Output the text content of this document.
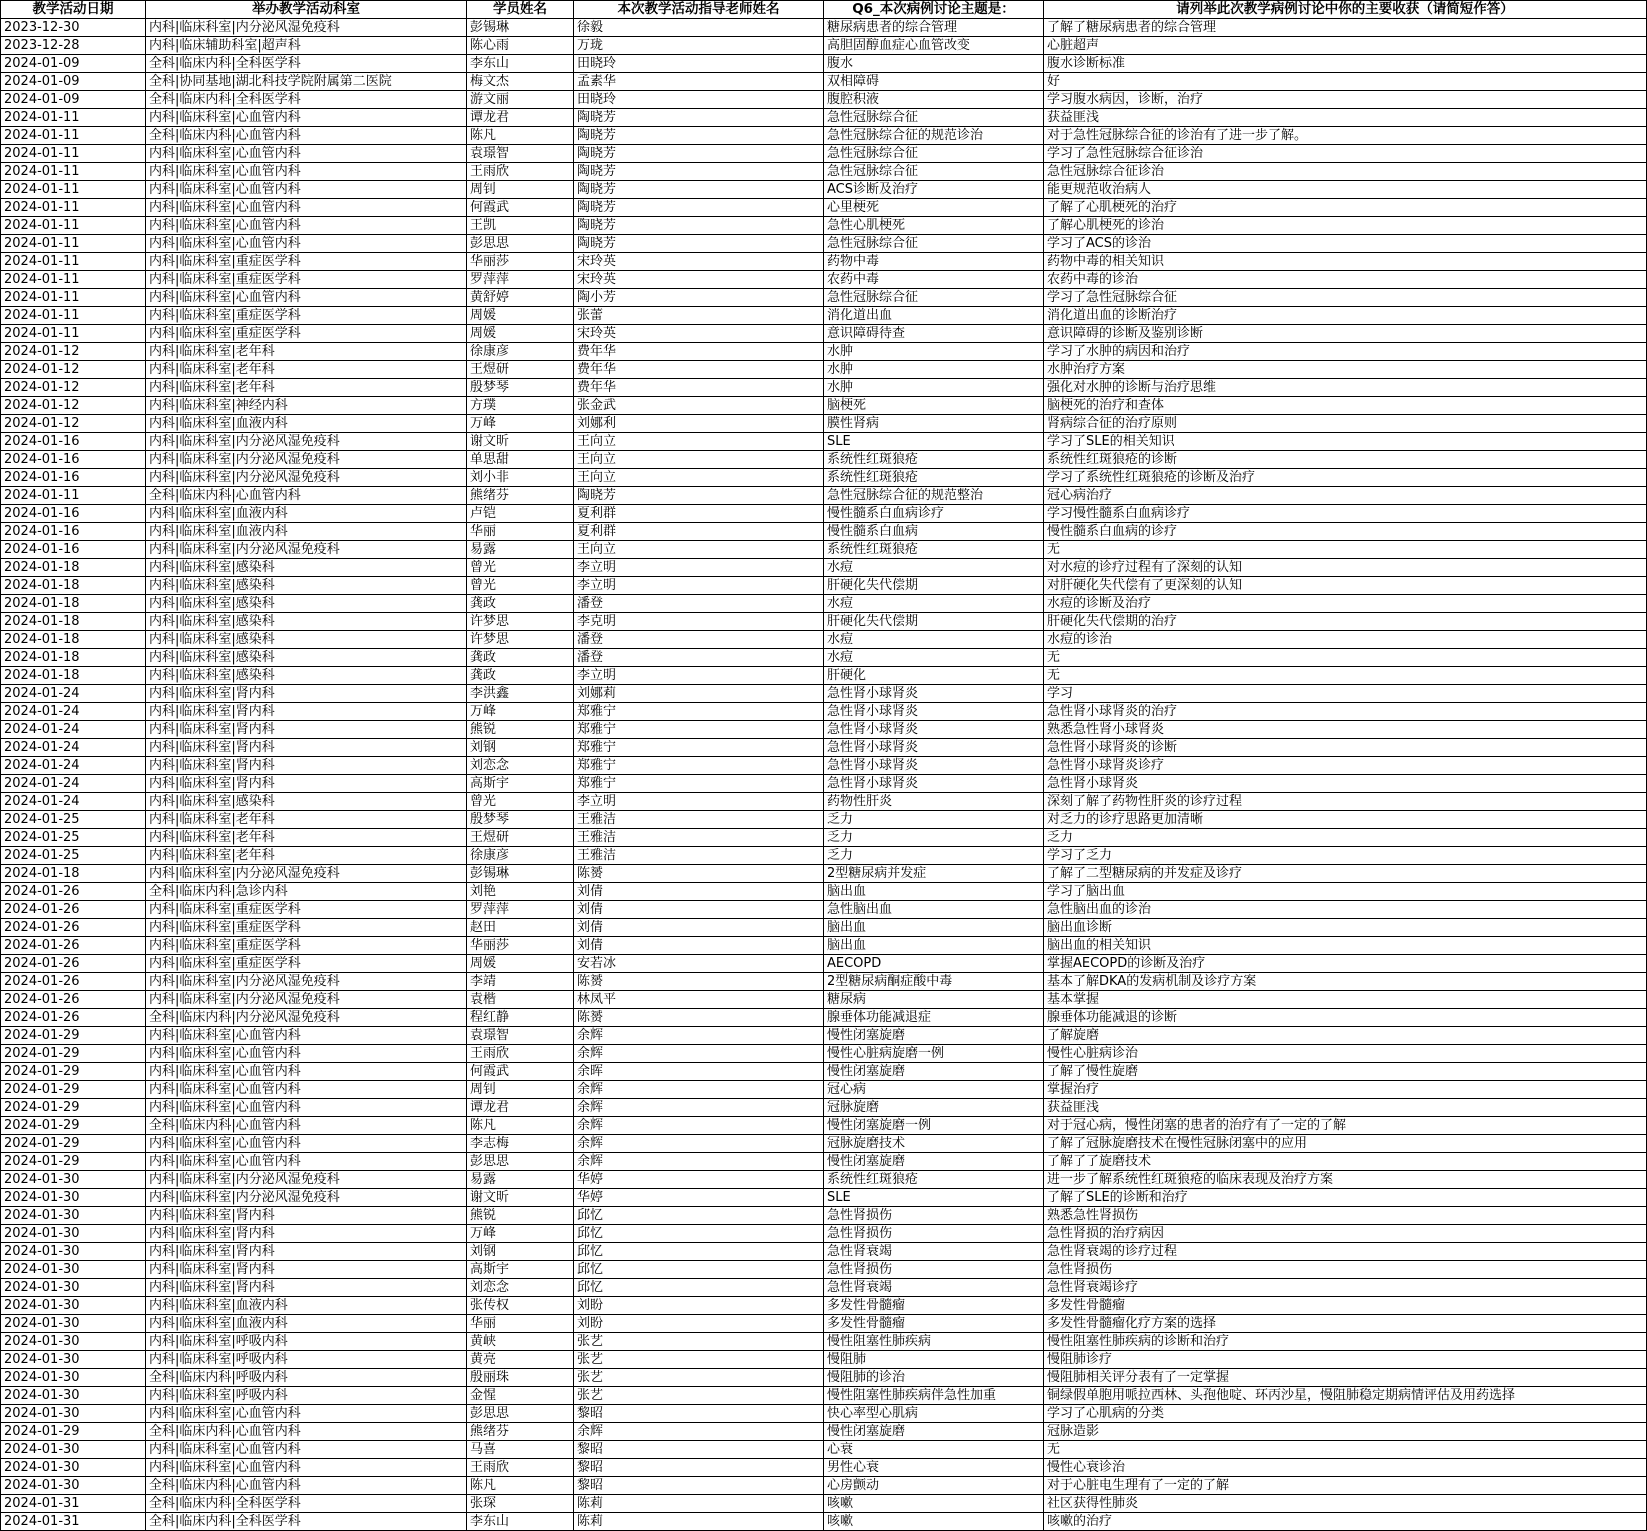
教学活动日期	举办教学活动科室	学员姓名	本次教学活动指导老师姓名	Q6_本次病例讨论主题是：	请列举此次教学病例讨论中你的主要收获（请简短作答）
2023-12-30	内科|临床科室|内分泌风湿免疫科	彭锡琳	徐毅	糖尿病患者的综合管理	了解了糖尿病患者的综合管理
2023-12-28	内科|临床辅助科室|超声科	陈心雨	万珑	高胆固醇血症心血管改变	心脏超声
2024-01-09	全科|临床内科|全科医学科	李东山	田晓玲	腹水	腹水诊断标准
2024-01-09	全科|协同基地|湖北科技学院附属第二医院	梅文杰	孟素华	双相障碍	好
2024-01-09	全科|临床内科|全科医学科	游文丽	田晓玲	腹腔积液	学习腹水病因，诊断，治疗
2024-01-11	内科|临床科室|心血管内科	谭龙君	陶晓芳	急性冠脉综合征	获益匪浅
2024-01-11	全科|临床内科|心血管内科	陈凡	陶晓芳	急性冠脉综合征的规范诊治	对于急性冠脉综合征的诊治有了进一步了解。
2024-01-11	内科|临床科室|心血管内科	袁璟智	陶晓芳	急性冠脉综合征	学习了急性冠脉综合征诊治
2024-01-11	内科|临床科室|心血管内科	王雨欣	陶晓芳	急性冠脉综合征	急性冠脉综合征诊治
2024-01-11	内科|临床科室|心血管内科	周钊	陶晓芳	ACS诊断及治疗	能更规范收治病人
2024-01-11	内科|临床科室|心血管内科	何霞武	陶晓芳	心里梗死	了解了心肌梗死的治疗
2024-01-11	内科|临床科室|心血管内科	王凯	陶晓芳	急性心肌梗死	了解心肌梗死的诊治
2024-01-11	内科|临床科室|心血管内科	彭思思	陶晓芳	急性冠脉综合征	学习了ACS的诊治
2024-01-11	内科|临床科室|重症医学科	华丽莎	宋玲英	药物中毒	药物中毒的相关知识
2024-01-11	内科|临床科室|重症医学科	罗萍萍	宋玲英	农药中毒	农药中毒的诊治
2024-01-11	内科|临床科室|心血管内科	黄舒婷	陶小芳	急性冠脉综合征	学习了急性冠脉综合征
2024-01-11	内科|临床科室|重症医学科	周媛	张蕾	消化道出血	消化道出血的诊断治疗
2024-01-11	内科|临床科室|重症医学科	周媛	宋玲英	意识障碍待查	意识障碍的诊断及鉴别诊断
2024-01-12	内科|临床科室|老年科	徐康彦	费年华	水肿	学习了水肿的病因和治疗
2024-01-12	内科|临床科室|老年科	王煜研	费年华	水肿	水肿治疗方案
2024-01-12	内科|临床科室|老年科	殷梦琴	费年华	水肿	强化对水肿的诊断与治疗思维
2024-01-12	内科|临床科室|神经内科	方璞	张金武	脑梗死	脑梗死的治疗和查体
2024-01-12	内科|临床科室|血液内科	万峰	刘娜利	膜性肾病	肾病综合征的治疗原则
2024-01-16	内科|临床科室|内分泌风湿免疫科	谢文昕	王向立	SLE	学习了SLE的相关知识
2024-01-16	内科|临床科室|内分泌风湿免疫科	单思甜	王向立	系统性红斑狼疮	系统性红斑狼疮的诊断
2024-01-16	内科|临床科室|内分泌风湿免疫科	刘小非	王向立	系统性红斑狼疮	学习了系统性红斑狼疮的诊断及治疗
2024-01-11	全科|临床内科|心血管内科	熊绪芬	陶晓芳	急性冠脉综合征的规范整治	冠心病治疗
2024-01-16	内科|临床科室|血液内科	卢铠	夏利群	慢性髓系白血病诊疗	学习慢性髓系白血病诊疗
2024-01-16	内科|临床科室|血液内科	华丽	夏利群	慢性髓系白血病	慢性髓系白血病的诊疗
2024-01-16	内科|临床科室|内分泌风湿免疫科	易露	王向立	系统性红斑狼疮	无
2024-01-18	内科|临床科室|感染科	曾光	李立明	水痘	对水痘的诊疗过程有了深刻的认知
2024-01-18	内科|临床科室|感染科	曾光	李立明	肝硬化失代偿期	对肝硬化失代偿有了更深刻的认知
2024-01-18	内科|临床科室|感染科	龚政	潘登	水痘	水痘的诊断及治疗
2024-01-18	内科|临床科室|感染科	许梦思	李克明	肝硬化失代偿期	肝硬化失代偿期的治疗
2024-01-18	内科|临床科室|感染科	许梦思	潘登	水痘	水痘的诊治
2024-01-18	内科|临床科室|感染科	龚政	潘登	水痘	无
2024-01-18	内科|临床科室|感染科	龚政	李立明	肝硬化	无
2024-01-24	内科|临床科室|肾内科	李洪鑫	刘娜莉	急性肾小球肾炎	学习
2024-01-24	内科|临床科室|肾内科	万峰	郑雅宁	急性肾小球肾炎	急性肾小球肾炎的治疗
2024-01-24	内科|临床科室|肾内科	熊锐	郑雅宁	急性肾小球肾炎	熟悉急性肾小球肾炎
2024-01-24	内科|临床科室|肾内科	刘钢	郑雅宁	急性肾小球肾炎	急性肾小球肾炎的诊断
2024-01-24	内科|临床科室|肾内科	刘恋念	郑雅宁	急性肾小球肾炎	急性肾小球肾炎诊疗
2024-01-24	内科|临床科室|肾内科	高斯宇	郑雅宁	急性肾小球肾炎	急性肾小球肾炎
2024-01-24	内科|临床科室|感染科	曾光	李立明	药物性肝炎	深刻了解了药物性肝炎的诊疗过程
2024-01-25	内科|临床科室|老年科	殷梦琴	王雅洁	乏力	对乏力的诊疗思路更加清晰
2024-01-25	内科|临床科室|老年科	王煜研	王雅洁	乏力	乏力
2024-01-25	内科|临床科室|老年科	徐康彦	王雅洁	乏力	学习了乏力
2024-01-18	内科|临床科室|内分泌风湿免疫科	彭锡琳	陈赟	2型糖尿病并发症	了解了二型糖尿病的并发症及诊疗
2024-01-26	全科|临床内科|急诊内科	刘艳	刘倩	脑出血	学习了脑出血
2024-01-26	内科|临床科室|重症医学科	罗萍萍	刘倩	急性脑出血	急性脑出血的诊治
2024-01-26	内科|临床科室|重症医学科	赵田	刘倩	脑出血	脑出血诊断
2024-01-26	内科|临床科室|重症医学科	华丽莎	刘倩	脑出血	脑出血的相关知识
2024-01-26	内科|临床科室|重症医学科	周媛	安若冰	AECOPD	掌握AECOPD的诊断及治疗
2024-01-26	内科|临床科室|内分泌风湿免疫科	李靖	陈赟	2型糖尿病酮症酸中毒	基本了解DKA的发病机制及诊疗方案
2024-01-26	内科|临床科室|内分泌风湿免疫科	袁楷	林凤平	糖尿病	基本掌握
2024-01-26	全科|临床内科|内分泌风湿免疫科	程红静	陈赟	腺垂体功能减退症	腺垂体功能减退的诊断
2024-01-29	内科|临床科室|心血管内科	袁璟智	余辉	慢性闭塞旋磨	了解旋磨
2024-01-29	内科|临床科室|心血管内科	王雨欣	余辉	慢性心脏病旋磨一例	慢性心脏病诊治
2024-01-29	内科|临床科室|心血管内科	何霞武	余晖	慢性闭塞旋磨	了解了慢性旋磨
2024-01-29	内科|临床科室|心血管内科	周钊	余辉	冠心病	掌握治疗
2024-01-29	内科|临床科室|心血管内科	谭龙君	余辉	冠脉旋磨	获益匪浅
2024-01-29	全科|临床内科|心血管内科	陈凡	余辉	慢性闭塞旋磨一例	对于冠心病，慢性闭塞的患者的治疗有了一定的了解
2024-01-29	内科|临床科室|心血管内科	李志梅	余辉	冠脉旋磨技术	了解了冠脉旋磨技术在慢性冠脉闭塞中的应用
2024-01-29	内科|临床科室|心血管内科	彭思思	余辉	慢性闭塞旋磨	了解了了旋磨技术
2024-01-30	内科|临床科室|内分泌风湿免疫科	易露	华婷	系统性红斑狼疮	进一步了解系统性红斑狼疮的临床表现及治疗方案
2024-01-30	内科|临床科室|内分泌风湿免疫科	谢文昕	华婷	SLE	了解了SLE的诊断和治疗
2024-01-30	内科|临床科室|肾内科	熊锐	邱忆	急性肾损伤	熟悉急性肾损伤
2024-01-30	内科|临床科室|肾内科	万峰	邱忆	急性肾损伤	急性肾损的治疗病因
2024-01-30	内科|临床科室|肾内科	刘钢	邱忆	急性肾衰竭	急性肾衰竭的诊疗过程
2024-01-30	内科|临床科室|肾内科	高斯宇	邱忆	急性肾损伤	急性肾损伤
2024-01-30	内科|临床科室|肾内科	刘恋念	邱忆	急性肾衰竭	急性肾衰竭诊疗
2024-01-30	内科|临床科室|血液内科	张传权	刘盼	多发性骨髓瘤	多发性骨髓瘤
2024-01-30	内科|临床科室|血液内科	华丽	刘盼	多发性骨髓瘤	多发性骨髓瘤化疗方案的选择
2024-01-30	内科|临床科室|呼吸内科	黄峡	张艺	慢性阻塞性肺疾病	慢性阻塞性肺疾病的诊断和治疗
2024-01-30	内科|临床科室|呼吸内科	黄亮	张艺	慢阻肺	慢阻肺诊疗
2024-01-30	全科|临床内科|呼吸内科	殷丽珠	张艺	慢阻肺的诊治	慢阻肺相关评分表有了一定掌握
2024-01-30	内科|临床科室|呼吸内科	金惺	张艺	慢性阻塞性肺疾病伴急性加重	铜绿假单胞用哌拉西林、头孢他啶、环丙沙星，慢阻肺稳定期病情评估及用药选择
2024-01-30	内科|临床科室|心血管内科	彭思思	黎昭	快心率型心肌病	学习了心肌病的分类
2024-01-29	全科|临床内科|心血管内科	熊绪芬	余辉	慢性闭塞旋磨	冠脉造影
2024-01-30	内科|临床科室|心血管内科	马喜	黎昭	心衰	无
2024-01-30	内科|临床科室|心血管内科	王雨欣	黎昭	男性心衰	慢性心衰诊治
2024-01-30	全科|临床内科|心血管内科	陈凡	黎昭	心房颤动	对于心脏电生理有了一定的了解
2024-01-31	全科|临床内科|全科医学科	张琛	陈莉	咳嗽	社区获得性肺炎
2024-01-31	全科|临床内科|全科医学科	李东山	陈莉	咳嗽	咳嗽的治疗
